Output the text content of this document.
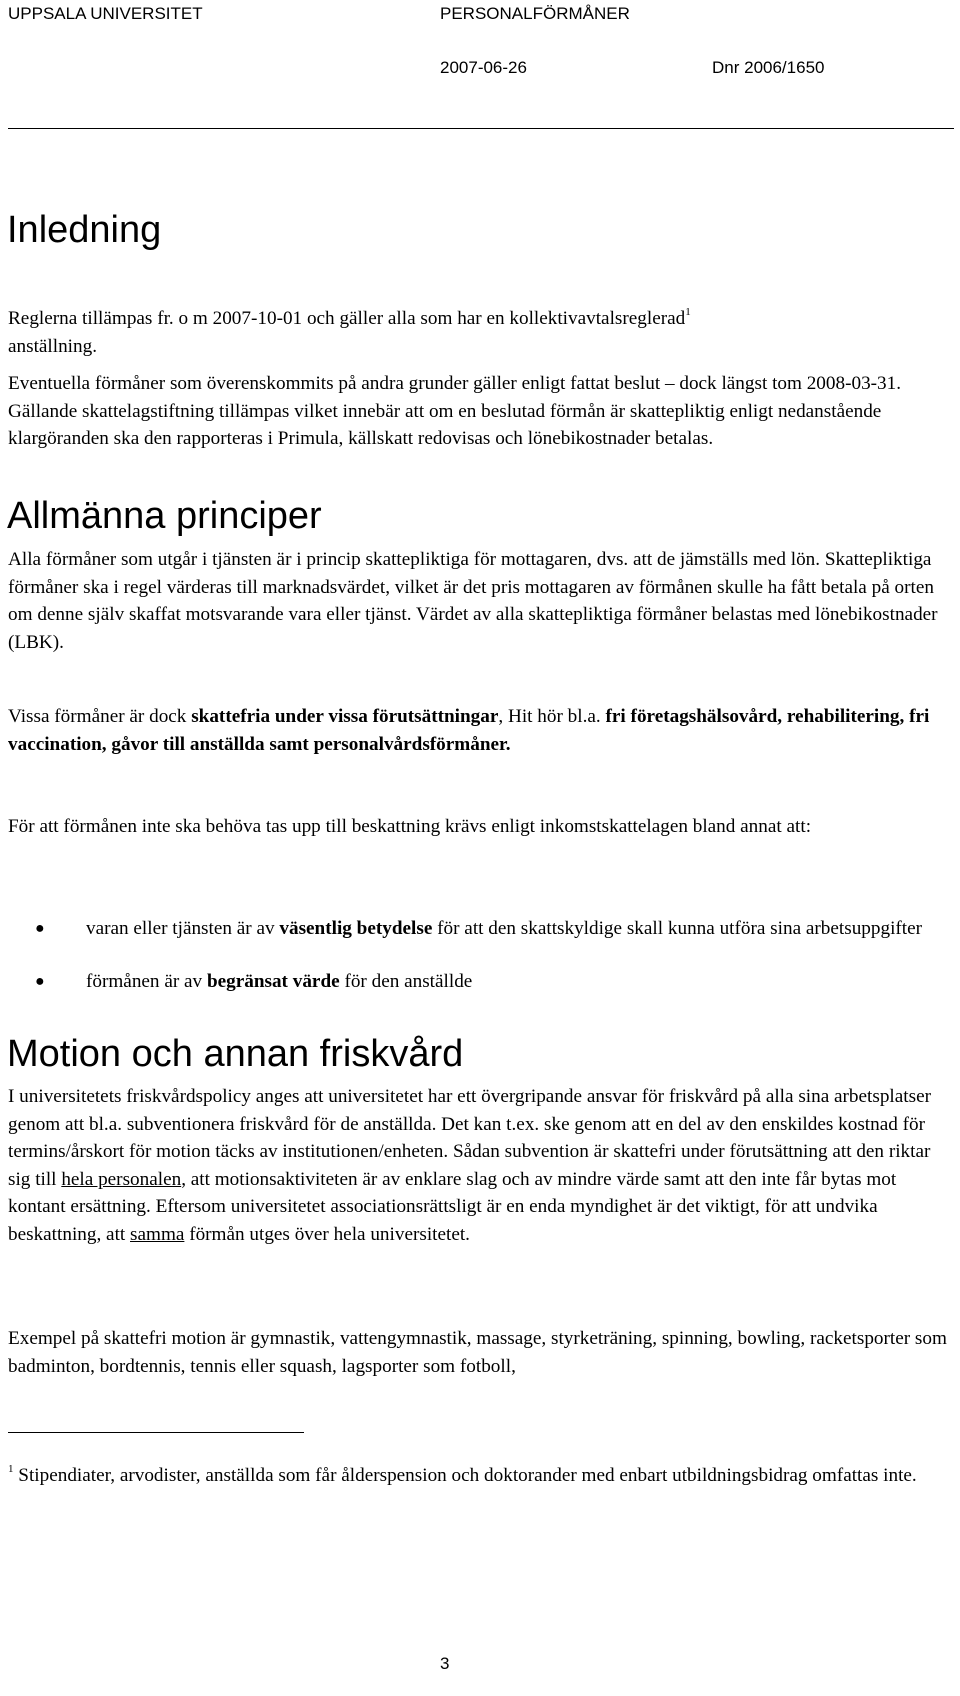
UPPSALA UNIVERSITET	PERSONALFÖRMÅNER
2007-06-26	Dnr 2006/1650
Inledning
Reglerna tillämpas fr. o m 2007-10-01 och gäller alla som har en kollektivavtalsreglerad$^1$
anställning.
Eventuella förmåner som överenskommits på andra grunder gäller enligt fattat beslut – dock längst tom 2008-03-31. Gällande skattelagstiftning tillämpas vilket innebär att om en beslutad förmån är skattepliktig enligt nedanstående klargöranden ska den rapporteras i Primula, källskatt redovisas och lönebikostnader betalas.
Allmänna principer
Alla förmåner som utgår i tjänsten är i princip skattepliktiga för mottagaren, dvs. att de jämställs med lön. Skattepliktiga förmåner ska i regel värderas till marknadsvärdet, vilket är det pris mottagaren av förmånen skulle ha fått betala på orten om denne själv skaffat motsvarande vara eller tjänst. Värdet av alla skattepliktiga förmåner belastas med lönebikostnader (LBK).
Vissa förmåner är dock skattefria under vissa förutsättningar, Hit hör bl.a. fri företagshälsovård, rehabilitering, fri vaccination, gåvor till anställda samt personalvårdsförmåner.
För att förmånen inte ska behöva tas upp till beskattning krävs enligt inkomstskattelagen bland annat att:
● varan eller tjänsten är av väsentlig betydelse för att den skattskyldige skall kunna utföra sina arbetsuppgifter
● förmånen är av begränsat värde för den anställde
Motion och annan friskvård
I universitetets friskvårdspolicy anges att universitetet har ett övergripande ansvar för friskvård på alla sina arbetsplatser genom att bl.a. subventionera friskvård för de anställda. Det kan t.ex. ske genom att en del av den enskildes kostnad för termins/årskort för motion täcks av institutionen/enheten. Sådan subvention är skattefri under förutsättning att den riktar sig till hela personalen, att motionsaktiviteten är av enklare slag och av mindre värde samt att den inte får bytas mot kontant ersättning. Eftersom universitetet associationsrättsligt är en enda myndighet är det viktigt, för att undvika beskattning, att samma förmån utges över hela universitetet.
Exempel på skattefri motion är gymnastik, vattengymnastik, massage, styrketräning, spinning, bowling, racketsporter som badminton, bordtennis, tennis eller squash, lagsporter som fotboll,
$^1$ Stipendiater, arvodister, anställda som får ålderspension och doktorander med enbart utbildningsbidrag omfattas inte.
3
